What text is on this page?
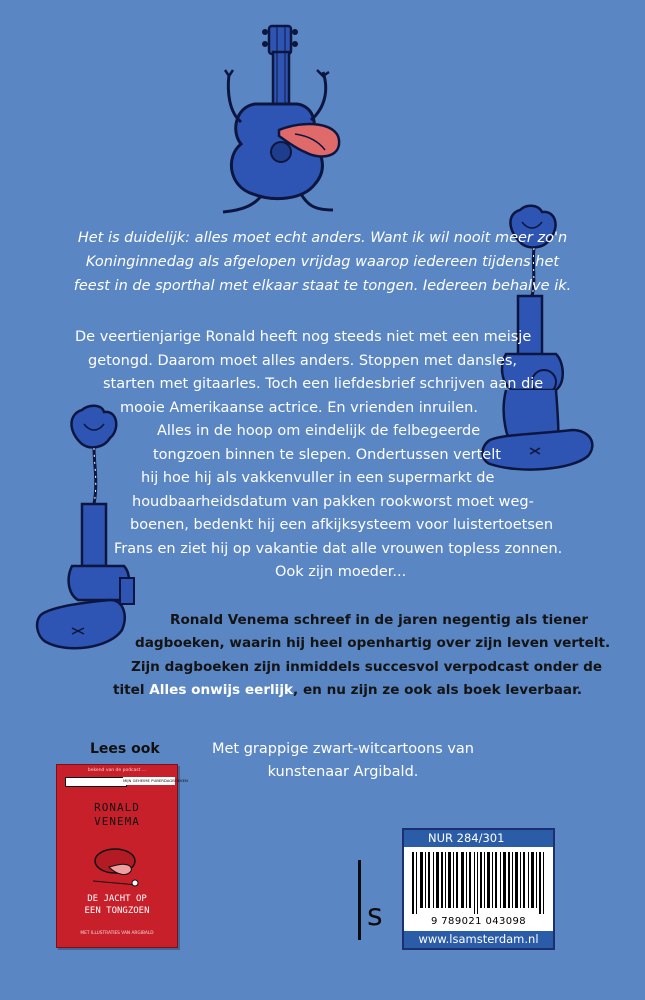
Het is duidelijk: alles moet echt anders. Want ik wil nooit meer zo'n
Koninginnedag als afgelopen vrijdag waarop iedereen tijdens het
feest in de sporthal met elkaar staat te tongen. Iedereen behalve ik.
De veertienjarige Ronald heeft nog steeds niet met een meisje
getongd. Daarom moet alles anders. Stoppen met dansles,
starten met gitaarles. Toch een liefdesbrief schrijven aan die
mooie Amerikaanse actrice. En vrienden inruilen.
Alles in de hoop om eindelijk de felbegeerde
tongzoen binnen te slepen. Ondertussen vertelt
hij hoe hij als vakkenvuller in een supermarkt de
houdbaarheidsdatum van pakken rookworst moet weg-
boenen, bedenkt hij een afkijksysteem voor luistertoetsen
Frans en ziet hij op vakantie dat alle vrouwen topless zonnen.
Ook zijn moeder...
Ronald Venema schreef in de jaren negentig als tiener
dagboeken, waarin hij heel openhartig over zijn leven vertelt.
Zijn dagboeken zijn inmiddels succesvol verpodcast onder de
titel Alles onwijs eerlijk, en nu zijn ze ook als boek leverbaar.
Met grappige zwart-witcartoons van
kunstenaar Argibald.
Lees ook
bekend van de podcast ...
MIJN GEHEIME PUBERDAGBOEKEN
RONALD
VENEMA
DE JACHT OP
EEN TONGZOEN
MET ILLUSTRATIES VAN ARGIBALD
s
NUR 284/301
9 789021 043098
www.lsamsterdam.nl
